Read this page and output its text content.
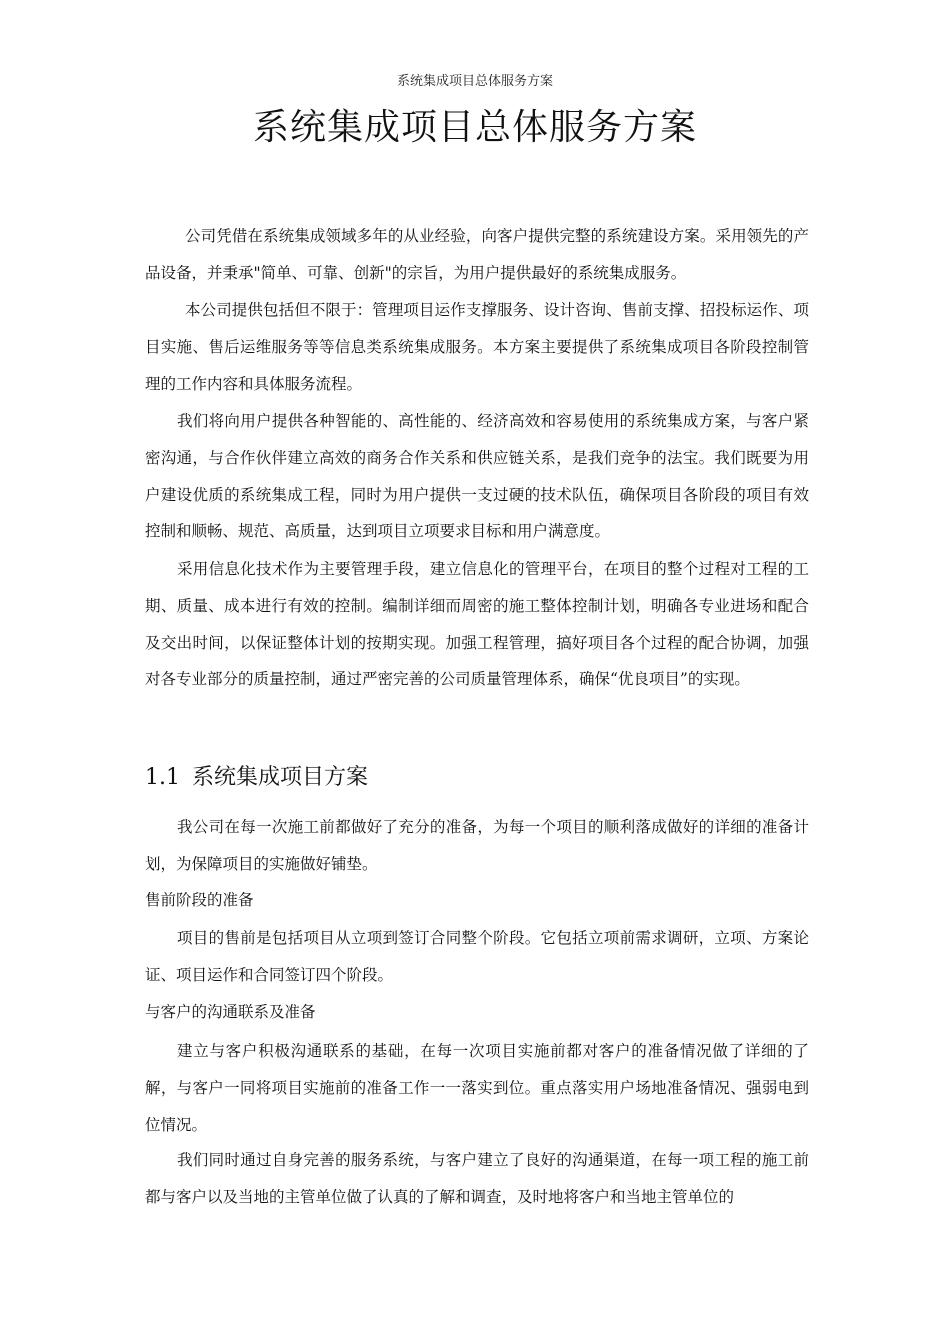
系统集成项目总体服务方案
系统集成项目总体服务方案

公司凭借在系统集成领域多年的从业经验，向客户提供完整的系统建设方案。采用领先的产品设备，并秉承"简单、可靠、创新"的宗旨，为用户提供最好的系统集成服务。

本公司提供包括但不限于：管理项目运作支撑服务、设计咨询、售前支撑、招投标运作、项目实施、售后运维服务等等信息类系统集成服务。本方案主要提供了系统集成项目各阶段控制管理的工作内容和具体服务流程。

我们将向用户提供各种智能的、高性能的、经济高效和容易使用的系统集成方案，与客户紧密沟通，与合作伙伴建立高效的商务合作关系和供应链关系，是我们竞争的法宝。我们既要为用户建设优质的系统集成工程，同时为用户提供一支过硬的技术队伍，确保项目各阶段的项目有效控制和顺畅、规范、高质量，达到项目立项要求目标和用户满意度。

采用信息化技术作为主要管理手段，建立信息化的管理平台，在项目的整个过程对工程的工期、质量、成本进行有效的控制。编制详细而周密的施工整体控制计划，明确各专业进场和配合及交出时间，以保证整体计划的按期实现。加强工程管理，搞好项目各个过程的配合协调，加强对各专业部分的质量控制，通过严密完善的公司质量管理体系，确保“优良项目”的实现。

1.1 系统集成项目方案

我公司在每一次施工前都做好了充分的准备，为每一个项目的顺利落成做好的详细的准备计划，为保障项目的实施做好铺垫。

售前阶段的准备

项目的售前是包括项目从立项到签订合同整个阶段。它包括立项前需求调研，立项、方案论证、项目运作和合同签订四个阶段。

与客户的沟通联系及准备

建立与客户积极沟通联系的基础，在每一次项目实施前都对客户的准备情况做了详细的了解，与客户一同将项目实施前的准备工作一一落实到位。重点落实用户场地准备情况、强弱电到位情况。

我们同时通过自身完善的服务系统，与客户建立了良好的沟通渠道，在每一项工程的施工前都与客户以及当地的主管单位做了认真的了解和调查，及时地将客户和当地主管单位的
